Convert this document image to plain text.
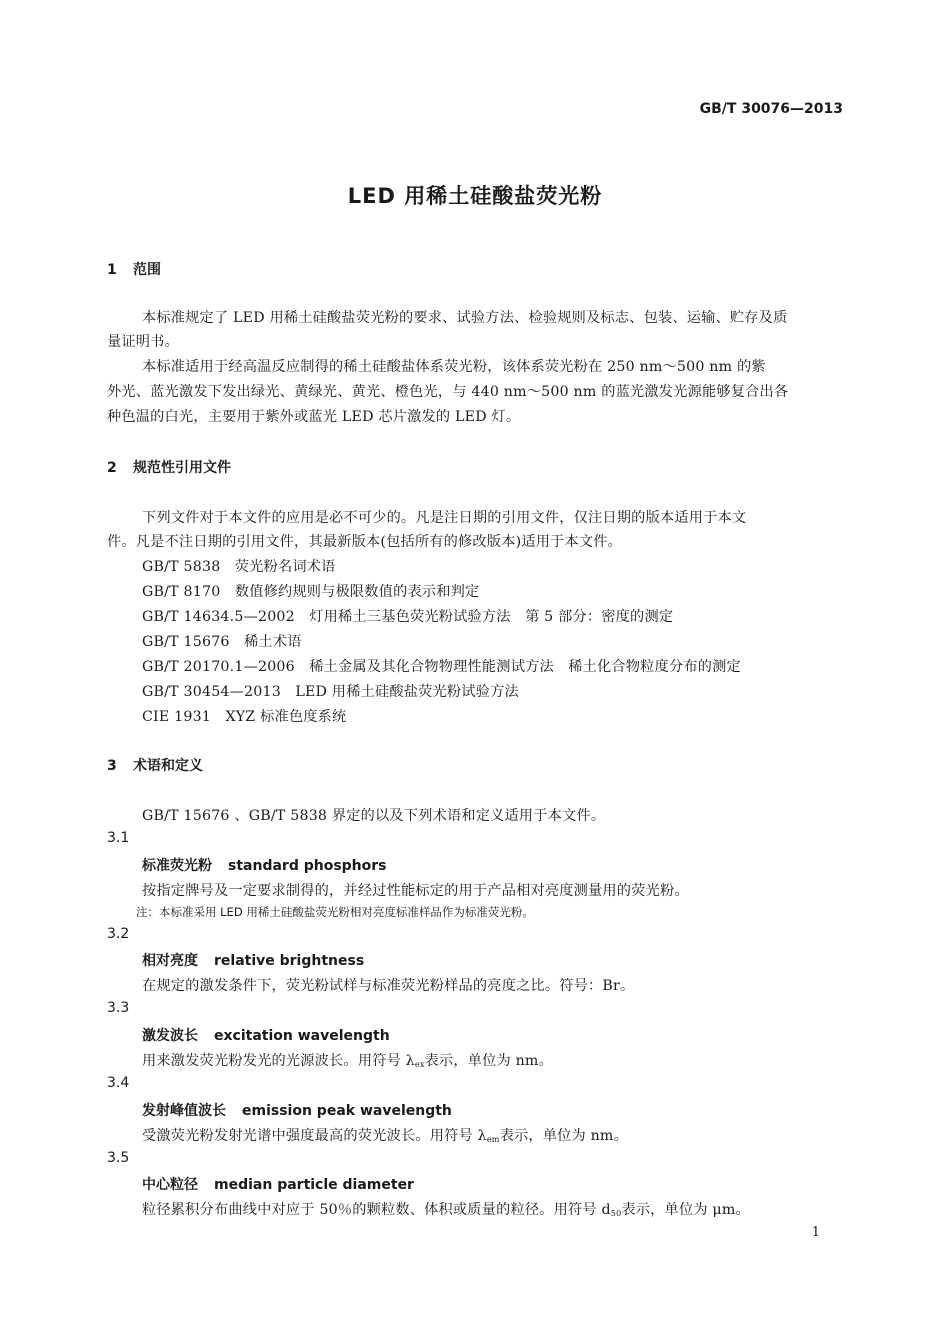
GB/T 30076—2013
LED 用稀土硅酸盐荧光粉
1 范围
本标准规定了 LED 用稀土硅酸盐荧光粉的要求、试验方法、检验规则及标志、包装、运输、贮存及质
量证明书。
本标准适用于经高温反应制得的稀土硅酸盐体系荧光粉，该体系荧光粉在 250 nm～500 nm 的紫
外光、蓝光激发下发出绿光、黄绿光、黄光、橙色光，与 440 nm～500 nm 的蓝光激发光源能够复合出各
种色温的白光，主要用于紫外或蓝光 LED 芯片激发的 LED 灯。
2 规范性引用文件
下列文件对于本文件的应用是必不可少的。凡是注日期的引用文件，仅注日期的版本适用于本文
件。凡是不注日期的引用文件，其最新版本(包括所有的修改版本)适用于本文件。
GB/T 5838　 荧光粉名词术语
GB/T 8170　 数值修约规则与极限数值的表示和判定
GB/T 14634.5—2002　 灯用稀土三基色荧光粉试验方法　第 5 部分：密度的测定
GB/T 15676　 稀土术语
GB/T 20170.1—2006　 稀土金属及其化合物物理性能测试方法　稀土化合物粒度分布的测定
GB/T 30454—2013　 LED 用稀土硅酸盐荧光粉试验方法
CIE 1931　 XYZ 标准色度系统
3 术语和定义
GB/T 15676 、GB/T 5838 界定的以及下列术语和定义适用于本文件。
3.1
标准荧光粉 standard phosphors
按指定牌号及一定要求制得的，并经过性能标定的用于产品相对亮度测量用的荧光粉。
注：本标准采用 LED 用稀土硅酸盐荧光粉相对亮度标准样品作为标准荧光粉。
3.2
相对亮度 relative brightness
在规定的激发条件下，荧光粉试样与标准荧光粉样品的亮度之比。符号：Br。
3.3
激发波长 excitation wavelength
用来激发荧光粉发光的光源波长。用符号 $\lambda_{ex}$表示，单位为 nm。
3.4
发射峰值波长 emission peak wavelength
受激荧光粉发射光谱中强度最高的荧光波长。用符号 $\lambda_{em}$表示，单位为 nm。
3.5
中心粒径 median particle diameter
粒径累积分布曲线中对应于 50％的颗粒数、体积或质量的粒径。用符号 $d_{50}$表示，单位为 μm。
1
